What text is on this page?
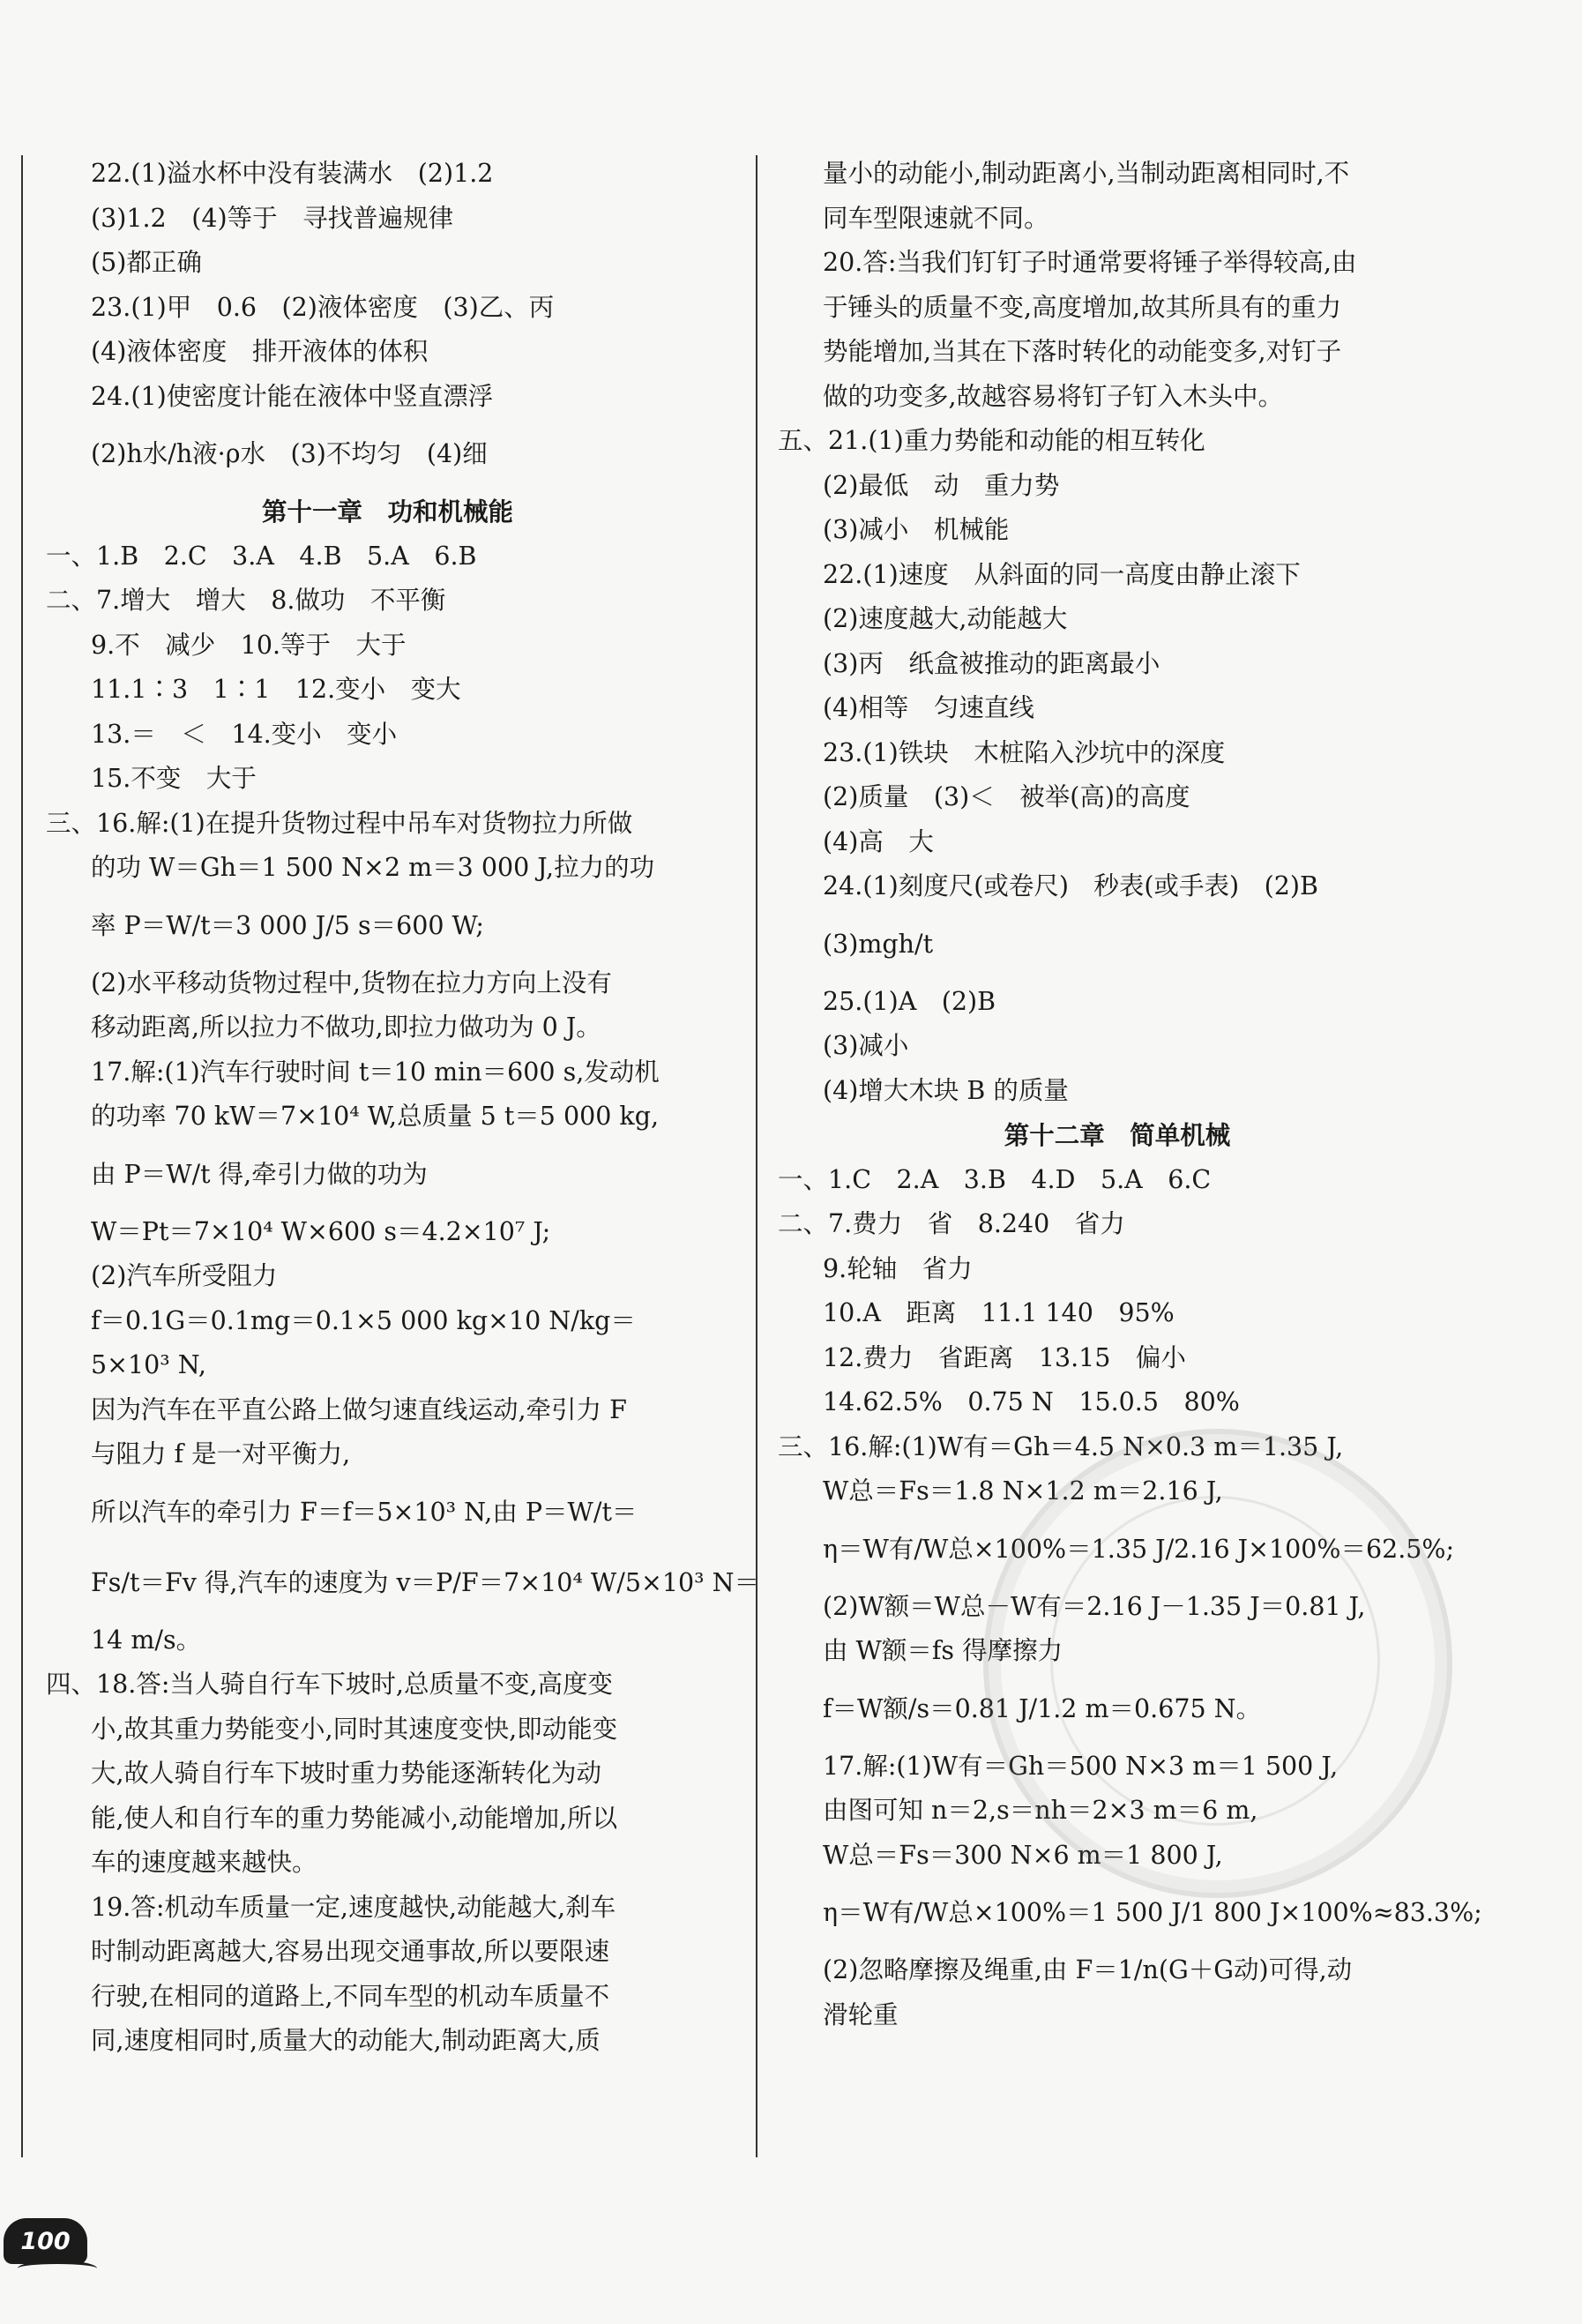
22.(1)溢水杯中没有装满水　(2)1.2
(3)1.2　(4)等于　寻找普遍规律
(5)都正确
23.(1)甲　0.6　(2)液体密度　(3)乙、丙
(4)液体密度　排开液体的体积
24.(1)使密度计能在液体中竖直漂浮
(2)h水/h液·ρ水　(3)不均匀　(4)细
第十一章　功和机械能
一、1.B　2.C　3.A　4.B　5.A　6.B
二、7.增大　增大　8.做功　不平衡
9.不　减少　10.等于　大于
11.1∶3　1∶1　12.变小　变大
13.＝　＜　14.变小　变小
15.不变　大于
三、16.解:(1)在提升货物过程中吊车对货物拉力所做
的功 W＝Gh＝1 500 N×2 m＝3 000 J,拉力的功
率 P＝W/t＝3 000 J/5 s＝600 W;
(2)水平移动货物过程中,货物在拉力方向上没有
移动距离,所以拉力不做功,即拉力做功为 0 J。
17.解:(1)汽车行驶时间 t＝10 min＝600 s,发动机
的功率 70 kW＝7×10⁴ W,总质量 5 t＝5 000 kg,
由 P＝W/t 得,牵引力做的功为
W＝Pt＝7×10⁴ W×600 s＝4.2×10⁷ J;
(2)汽车所受阻力
f＝0.1G＝0.1mg＝0.1×5 000 kg×10 N/kg＝
5×10³ N,
因为汽车在平直公路上做匀速直线运动,牵引力 F
与阻力 f 是一对平衡力,
所以汽车的牵引力 F＝f＝5×10³ N,由 P＝W/t＝
Fs/t＝Fv 得,汽车的速度为 v＝P/F＝7×10⁴ W/5×10³ N＝
14 m/s。
四、18.答:当人骑自行车下坡时,总质量不变,高度变
小,故其重力势能变小,同时其速度变快,即动能变
大,故人骑自行车下坡时重力势能逐渐转化为动
能,使人和自行车的重力势能减小,动能增加,所以
车的速度越来越快。
19.答:机动车质量一定,速度越快,动能越大,刹车
时制动距离越大,容易出现交通事故,所以要限速
行驶,在相同的道路上,不同车型的机动车质量不
同,速度相同时,质量大的动能大,制动距离大,质
量小的动能小,制动距离小,当制动距离相同时,不
同车型限速就不同。
20.答:当我们钉钉子时通常要将锤子举得较高,由
于锤头的质量不变,高度增加,故其所具有的重力
势能增加,当其在下落时转化的动能变多,对钉子
做的功变多,故越容易将钉子钉入木头中。
五、21.(1)重力势能和动能的相互转化
(2)最低　动　重力势
(3)减小　机械能
22.(1)速度　从斜面的同一高度由静止滚下
(2)速度越大,动能越大
(3)丙　纸盒被推动的距离最小
(4)相等　匀速直线
23.(1)铁块　木桩陷入沙坑中的深度
(2)质量　(3)＜　被举(高)的高度
(4)高　大
24.(1)刻度尺(或卷尺)　秒表(或手表)　(2)B
(3)mgh/t
25.(1)A　(2)B
(3)减小
(4)增大木块 B 的质量
第十二章　简单机械
一、1.C　2.A　3.B　4.D　5.A　6.C
二、7.费力　省　8.240　省力
9.轮轴　省力
10.A　距离　11.1 140　95%
12.费力　省距离　13.15　偏小
14.62.5%　0.75 N　15.0.5　80%
三、16.解:(1)W有＝Gh＝4.5 N×0.3 m＝1.35 J,
W总＝Fs＝1.8 N×1.2 m＝2.16 J,
η＝W有/W总×100%＝1.35 J/2.16 J×100%＝62.5%;
(2)W额＝W总－W有＝2.16 J－1.35 J＝0.81 J,
由 W额＝fs 得摩擦力
f＝W额/s＝0.81 J/1.2 m＝0.675 N。
17.解:(1)W有＝Gh＝500 N×3 m＝1 500 J,
由图可知 n＝2,s＝nh＝2×3 m＝6 m,
W总＝Fs＝300 N×6 m＝1 800 J,
η＝W有/W总×100%＝1 500 J/1 800 J×100%≈83.3%;
(2)忽略摩擦及绳重,由 F＝1/n(G＋G动)可得,动
滑轮重
100
